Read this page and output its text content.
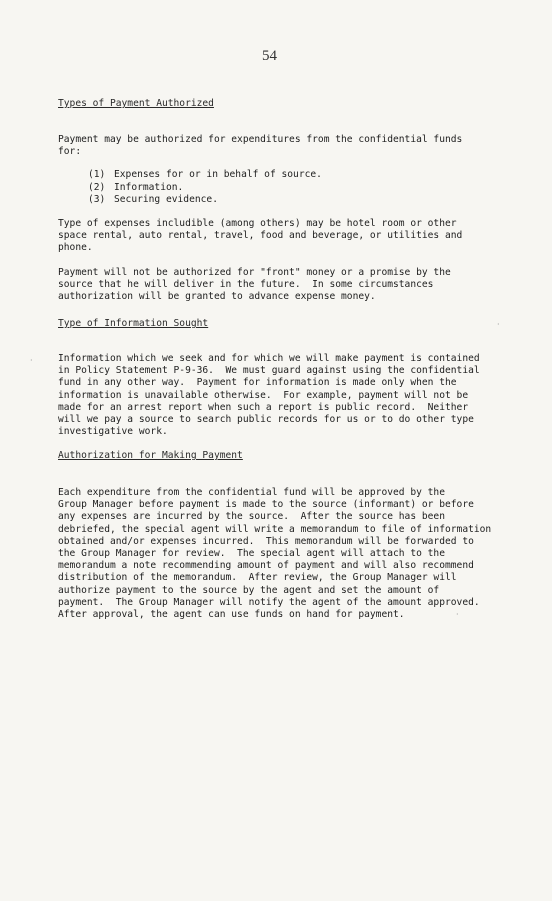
54
Types of Payment Authorized

Payment may be authorized for expenditures from the confidential funds
for:

(1) Expenses for or in behalf of source.
(2) Information.
(3) Securing evidence.

Type of expenses includible (among others) may be hotel room or other
space rental, auto rental, travel, food and beverage, or utilities and
phone.

Payment will not be authorized for "front" money or a promise by the
source that he will deliver in the future.  In some circumstances
authorization will be granted to advance expense money.

Type of Information Sought

Information which we seek and for which we will make payment is contained
in Policy Statement P-9-36.  We must guard against using the confidential
fund in any other way.  Payment for information is made only when the
information is unavailable otherwise.  For example, payment will not be
made for an arrest report when such a report is public record.  Neither
will we pay a source to search public records for us or to do other type
investigative work.

Authorization for Making Payment

Each expenditure from the confidential fund will be approved by the
Group Manager before payment is made to the source (informant) or before
any expenses are incurred by the source.  After the source has been
debriefed, the special agent will write a memorandum to file of information
obtained and/or expenses incurred.  This memorandum will be forwarded to
the Group Manager for review.  The special agent will attach to the
memorandum a note recommending amount of payment and will also recommend
distribution of the memorandum.  After review, the Group Manager will
authorize payment to the source by the agent and set the amount of
payment.  The Group Manager will notify the agent of the amount approved.
After approval, the agent can use funds on hand for payment.

·
·
·
